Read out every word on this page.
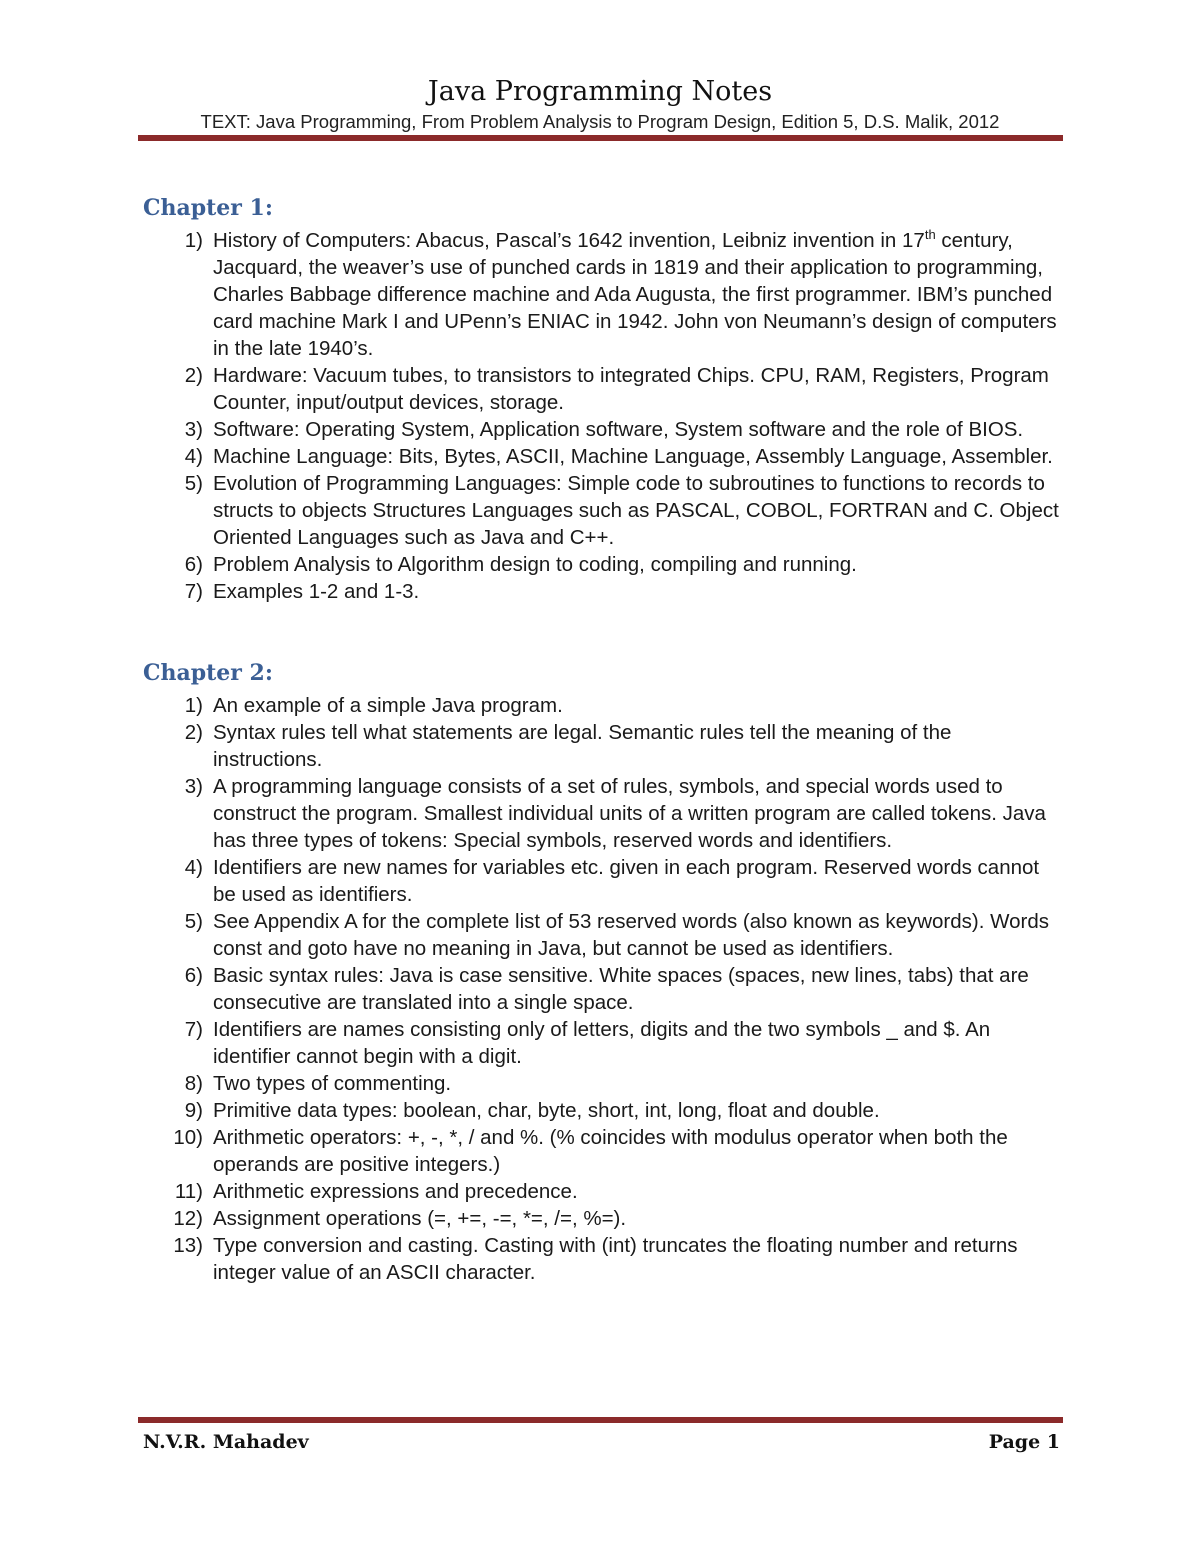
Java Programming Notes
TEXT: Java Programming, From Problem Analysis to Program Design, Edition 5, D.S. Malik, 2012
Chapter 1:
1) History of Computers: Abacus, Pascal’s 1642 invention, Leibniz invention in 17th century, Jacquard, the weaver’s use of punched cards in 1819 and their application to programming, Charles Babbage difference machine and Ada Augusta, the first programmer. IBM’s punched card machine Mark I and UPenn’s ENIAC in 1942. John von Neumann’s design of computers in the late 1940’s.
2) Hardware: Vacuum tubes, to transistors to integrated Chips. CPU, RAM, Registers, Program Counter, input/output devices, storage.
3) Software: Operating System, Application software, System software and the role of BIOS.
4) Machine Language: Bits, Bytes, ASCII, Machine Language, Assembly Language, Assembler.
5) Evolution of Programming Languages: Simple code to subroutines to functions to records to structs to objects Structures Languages such as PASCAL, COBOL, FORTRAN and C. Object Oriented Languages such as Java and C++.
6) Problem Analysis to Algorithm design to coding, compiling and running.
7) Examples 1-2 and 1-3.
Chapter 2:
1) An example of a simple Java program.
2) Syntax rules tell what statements are legal. Semantic rules tell the meaning of the instructions.
3) A programming language consists of a set of rules, symbols, and special words used to construct the program. Smallest individual units of a written program are called tokens. Java has three types of tokens: Special symbols, reserved words and identifiers.
4) Identifiers are new names for variables etc. given in each program. Reserved words cannot be used as identifiers.
5) See Appendix A for the complete list of 53 reserved words (also known as keywords). Words const and goto have no meaning in Java, but cannot be used as identifiers.
6) Basic syntax rules: Java is case sensitive. White spaces (spaces, new lines, tabs) that are consecutive are translated into a single space.
7) Identifiers are names consisting only of letters, digits and the two symbols _ and $. An identifier cannot begin with a digit.
8) Two types of commenting.
9) Primitive data types: boolean, char, byte, short, int, long, float and double.
10) Arithmetic operators: +, -, *, / and %. (% coincides with modulus operator when both the operands are positive integers.)
11) Arithmetic expressions and precedence.
12) Assignment operations (=, +=, -=, *=, /=, %=).
13) Type conversion and casting. Casting with (int) truncates the floating number and returns integer value of an ASCII character.
N.V.R. Mahadev	Page 1
